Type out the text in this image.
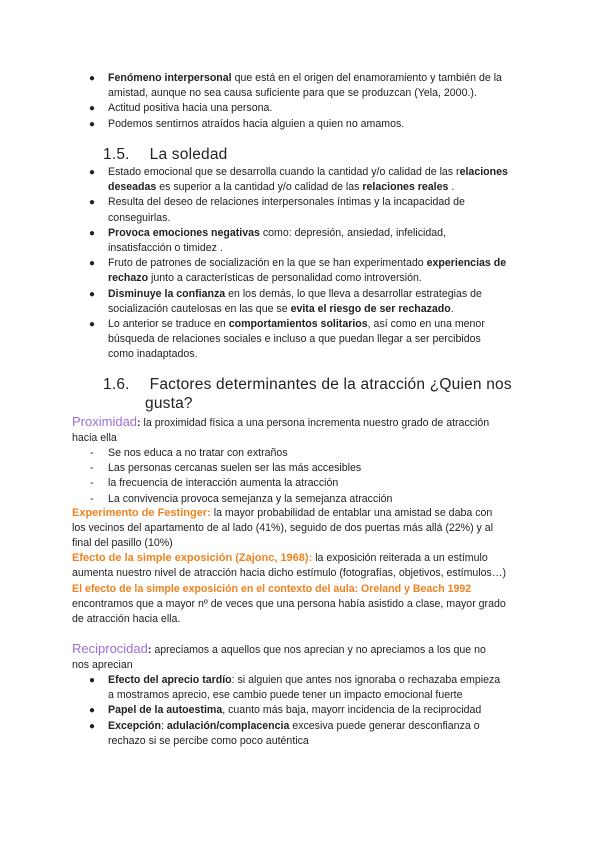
● Fenómeno interpersonal que está en el origen del enamoramiento y también de la
amistad, aunque no sea causa suficiente para que se produzcan (Yela, 2000.).
● Actitud positiva hacia una persona.
● Podemos sentirnos atraídos hacia alguien a quien no amamos.
1.5. La soledad
● Estado emocional que se desarrolla cuando la cantidad y/o calidad de las relaciones
deseadas es superior a la cantidad y/o calidad de las relaciones reales .
● Resulta del deseo de relaciones interpersonales íntimas y la incapacidad de
conseguirlas.
● Provoca emociones negativas como: depresión, ansiedad, infelicidad,
insatisfacción o timidez .
● Fruto de patrones de socialización en la que se han experimentado experiencias de
rechazo junto a características de personalidad como introversión.
● Disminuye la confianza en los demás, lo que lleva a desarrollar estrategias de
socialización cautelosas en las que se evita el riesgo de ser rechazado.
● Lo anterior se traduce en comportamientos solitarios, así como en una menor
búsqueda de relaciones sociales e incluso a que puedan llegar a ser percibidos
como inadaptados.
1.6. Factores determinantes de la atracción ¿Quien nos
gusta?
Proximidad: la proximidad física a una persona incrementa nuestro grado de atracción
hacia ella
- Se nos educa a no tratar con extraños
- Las personas cercanas suelen ser las más accesibles
- la frecuencia de interacción aumenta la atracción
- La convivencia provoca semejanza y la semejanza atracción
Experimento de Festinger: la mayor probabilidad de entablar una amistad se daba con
los vecinos del apartamento de al lado (41%), seguido de dos puertas más allá (22%) y al
final del pasillo (10%)
Efecto de la simple exposición (Zajonc, 1968): la exposición reiterada a un estímulo
aumenta nuestro nivel de atracción hacia dicho estímulo (fotografías, objetivos, estímulos…)
El efecto de la simple exposición en el contexto del aula: Oreland y Beach 1992
encontramos que a mayor nº de veces que una persona había asistido a clase, mayor grado
de atracción hacia ella.
Reciprocidad: apreciamos a aquellos que nos aprecian y no apreciamos a los que no
nos aprecian
● Efecto del aprecio tardío: si alguien que antes nos ignoraba o rechazaba empieza
a mostramos aprecio, ese cambio puede tener un impacto emocional fuerte
● Papel de la autoestima, cuanto más baja, mayorr incidencia de la reciprocidad
● Excepción: adulación/complacencia excesiva puede generar desconfianza o
rechazo si se percibe como poco auténtica
